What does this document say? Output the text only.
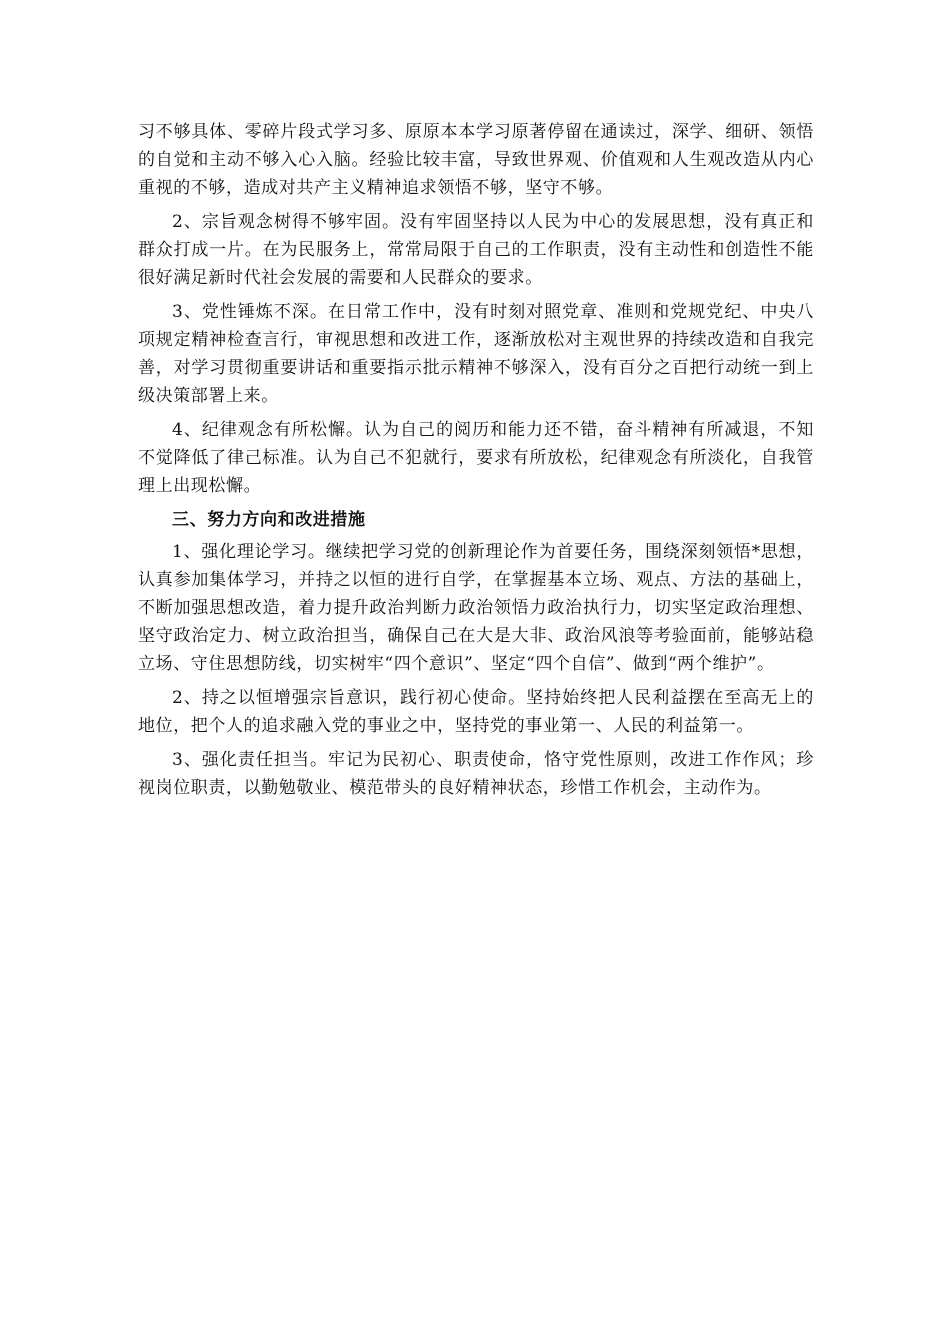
习不够具体、零碎片段式学习多、原原本本学习原著停留在通读过，深学、细研、领悟的自觉和主动不够入心入脑。经验比较丰富，导致世界观、价值观和人生观改造从内心重视的不够，造成对共产主义精神追求领悟不够，坚守不够。

2、宗旨观念树得不够牢固。没有牢固坚持以人民为中心的发展思想，没有真正和群众打成一片。在为民服务上，常常局限于自己的工作职责，没有主动性和创造性不能很好满足新时代社会发展的需要和人民群众的要求。

3、党性锤炼不深。在日常工作中，没有时刻对照党章、准则和党规党纪、中央八项规定精神检查言行，审视思想和改进工作，逐渐放松对主观世界的持续改造和自我完善，对学习贯彻重要讲话和重要指示批示精神不够深入，没有百分之百把行动统一到上级决策部署上来。

4、纪律观念有所松懈。认为自己的阅历和能力还不错，奋斗精神有所减退，不知不觉降低了律己标准。认为自己不犯就行，要求有所放松，纪律观念有所淡化，自我管理上出现松懈。

三、努力方向和改进措施

1、强化理论学习。继续把学习党的创新理论作为首要任务，围绕深刻领悟*思想，认真参加集体学习，并持之以恒的进行自学，在掌握基本立场、观点、方法的基础上，不断加强思想改造，着力提升政治判断力政治领悟力政治执行力，切实坚定政治理想、坚守政治定力、树立政治担当，确保自己在大是大非、政治风浪等考验面前，能够站稳立场、守住思想防线，切实树牢“四个意识”、坚定“四个自信”、做到“两个维护”。

2、持之以恒增强宗旨意识，践行初心使命。坚持始终把人民利益摆在至高无上的地位，把个人的追求融入党的事业之中，坚持党的事业第一、人民的利益第一。

3、强化责任担当。牢记为民初心、职责使命，恪守党性原则，改进工作作风；珍视岗位职责，以勤勉敬业、模范带头的良好精神状态，珍惜工作机会，主动作为。
